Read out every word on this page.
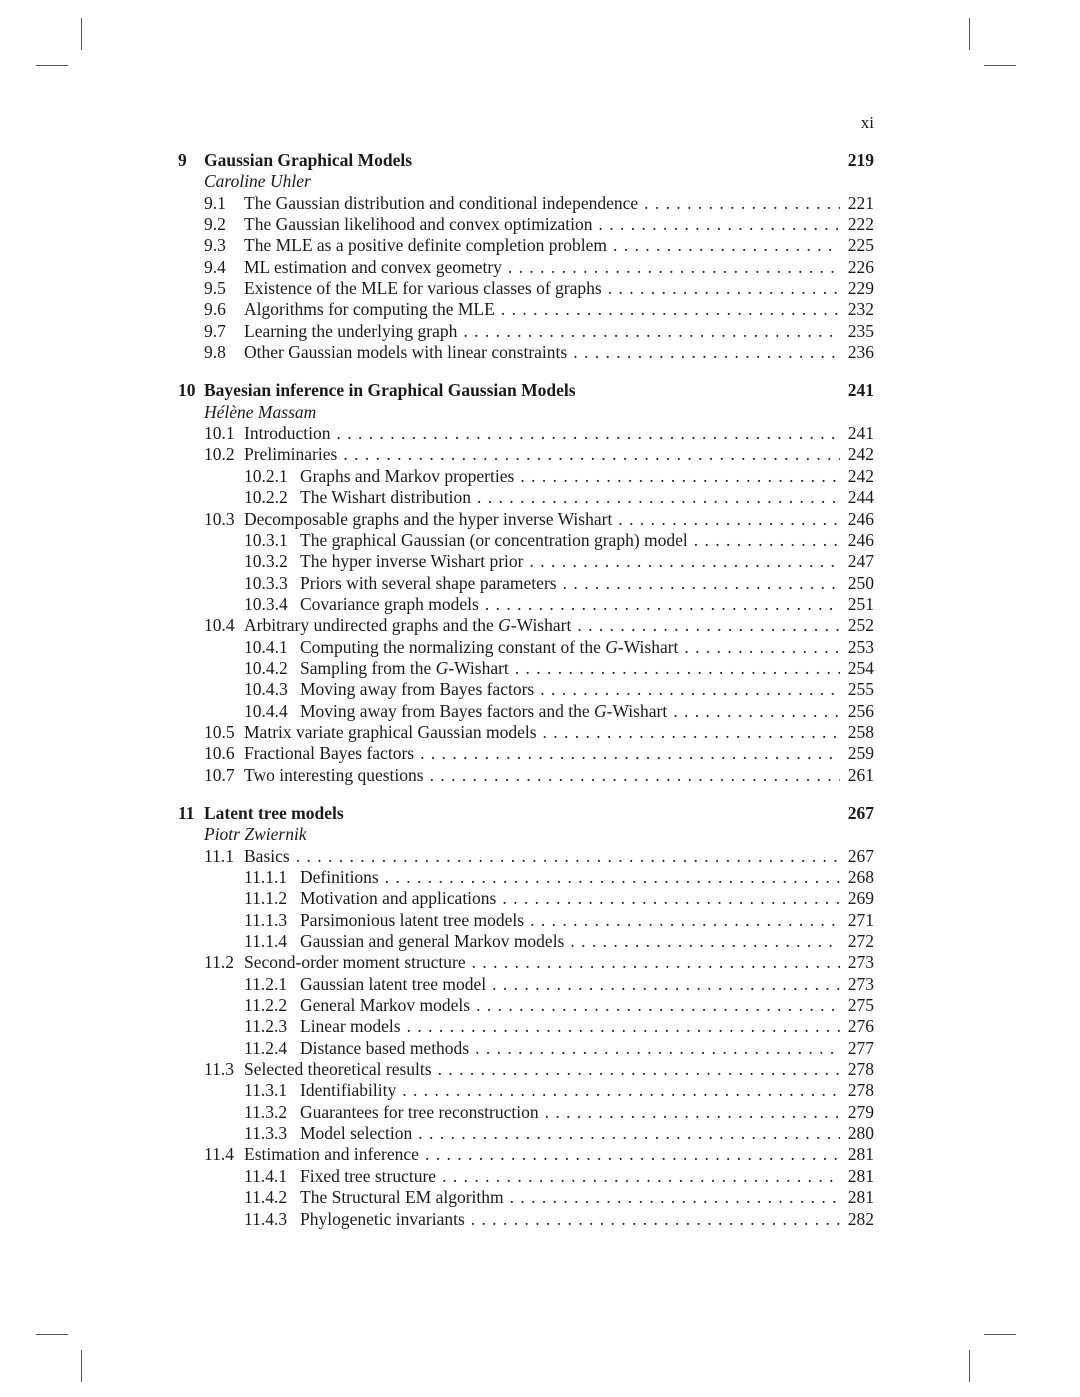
xi
9 Gaussian Graphical Models	219
Caroline Uhler
9.1	The Gaussian distribution and conditional independence . . .	221
9.2	The Gaussian likelihood and convex optimization . . .	222
9.3	The MLE as a positive definite completion problem . . .	225
9.4	ML estimation and convex geometry . . .	226
9.5	Existence of the MLE for various classes of graphs . . .	229
9.6	Algorithms for computing the MLE . . .	232
9.7	Learning the underlying graph . . .	235
9.8	Other Gaussian models with linear constraints . . .	236
10 Bayesian inference in Graphical Gaussian Models	241
Hélène Massam
10.1 Introduction . . .	241
10.2 Preliminaries . . .	242
10.2.1 Graphs and Markov properties . . .	242
10.2.2 The Wishart distribution . . .	244
10.3 Decomposable graphs and the hyper inverse Wishart . . .	246
10.3.1 The graphical Gaussian (or concentration graph) model . . .	246
10.3.2 The hyper inverse Wishart prior . . .	247
10.3.3 Priors with several shape parameters . . .	250
10.3.4 Covariance graph models . . .	251
10.4 Arbitrary undirected graphs and the G-Wishart . . .	252
10.4.1 Computing the normalizing constant of the G-Wishart . . .	253
10.4.2 Sampling from the G-Wishart . . .	254
10.4.3 Moving away from Bayes factors . . .	255
10.4.4 Moving away from Bayes factors and the G-Wishart . . .	256
10.5 Matrix variate graphical Gaussian models . . .	258
10.6 Fractional Bayes factors . . .	259
10.7 Two interesting questions . . .	261
11 Latent tree models	267
Piotr Zwiernik
11.1 Basics . . .	267
11.1.1 Definitions . . .	268
11.1.2 Motivation and applications . . .	269
11.1.3 Parsimonious latent tree models . . .	271
11.1.4 Gaussian and general Markov models . . .	272
11.2 Second-order moment structure . . .	273
11.2.1 Gaussian latent tree model . . .	273
11.2.2 General Markov models . . .	275
11.2.3 Linear models . . .	276
11.2.4 Distance based methods . . .	277
11.3 Selected theoretical results . . .	278
11.3.1 Identifiability . . .	278
11.3.2 Guarantees for tree reconstruction . . .	279
11.3.3 Model selection . . .	280
11.4 Estimation and inference . . .	281
11.4.1 Fixed tree structure . . .	281
11.4.2 The Structural EM algorithm . . .	281
11.4.3 Phylogenetic invariants . . .	282
